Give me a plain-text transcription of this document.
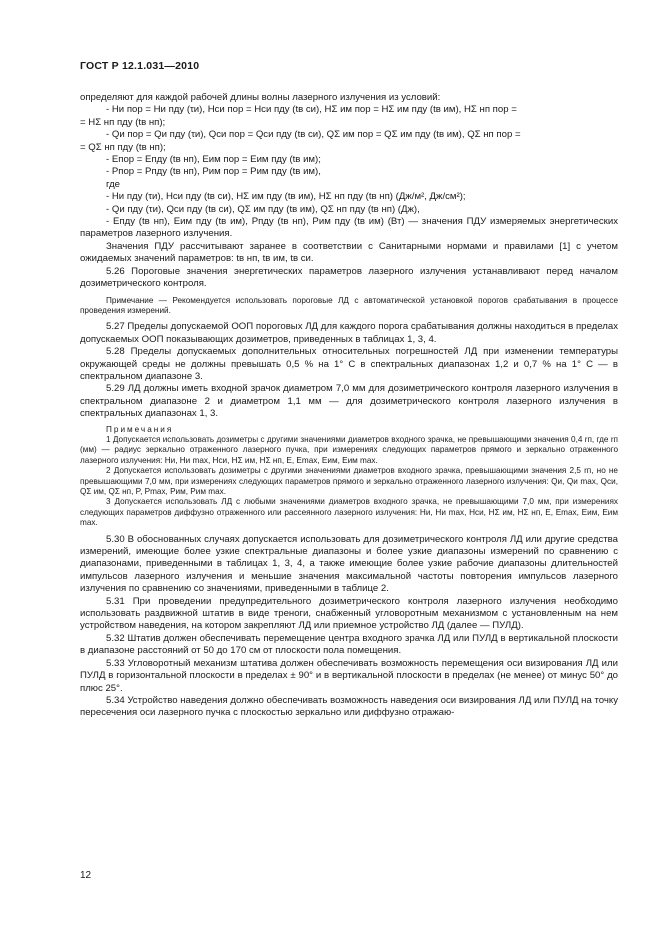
ГОСТ Р 12.1.031—2010

определяют для каждой рабочей длины волны лазерного излучения из условий:

- Hи пор = Hи пду (τи), Hси пор = Hси пду (tв си), HΣ им пор = HΣ им пду (tв им), HΣ нп пор =

= HΣ нп пду (tв нп);

- Qи пор = Qи пду (τи), Qси пор = Qси пду (tв си), QΣ им пор = QΣ им пду (tв им), QΣ нп пор =

= QΣ нп пду (tв нп);

- Eпор = Eпду (tв нп), Eим пор = Eим пду (tв им);

- Pпор = Pпду (tв нп), Pим пор = Pим пду (tв им),

где

- Hи пду (τи), Hси пду (tв си), HΣ им пду (tв им), HΣ нп пду (tв нп) (Дж/м², Дж/см²);

- Qи пду (τи), Qси пду (tв си), QΣ им пду (tв им), QΣ нп пду (tв нп) (Дж),

- Eпду (tв нп), Eим пду (tв им), Pпду (tв нп), Pим пду (tв им) (Вт) — значения ПДУ измеряемых энергетических параметров лазерного излучения.

Значения ПДУ рассчитывают заранее в соответствии с Санитарными нормами и правилами [1] с учетом ожидаемых значений параметров: tв нп, tв им, tв си.

5.26 Пороговые значения энергетических параметров лазерного излучения устанавливают перед началом дозиметрического контроля.

Примечание — Рекомендуется использовать пороговые ЛД с автоматической установкой порогов срабатывания в процессе проведения измерений.

5.27 Пределы допускаемой ООП пороговых ЛД для каждого порога срабатывания должны находиться в пределах допускаемых ООП показывающих дозиметров, приведенных в таблицах 1, 3, 4.

5.28 Пределы допускаемых дополнительных относительных погрешностей ЛД при изменении температуры окружающей среды не должны превышать 0,5 % на 1° С в спектральных диапазонах 1,2 и 0,7 % на 1° С — в спектральном диапазоне 3.

5.29 ЛД должны иметь входной зрачок диаметром 7,0 мм для дозиметрического контроля лазерного излучения в спектральном диапазоне 2 и диаметром 1,1 мм — для дозиметрического контроля лазерного излучения в спектральных диапазонах 1, 3.

Примечания

1 Допускается использовать дозиметры с другими значениями диаметров входного зрачка, не превышающими значения 0,4 rп, где rп (мм) — радиус зеркально отраженного лазерного пучка, при измерениях следующих параметров прямого и зеркально отраженного лазерного излучения: Hи, Hи max, Hси, HΣ им, HΣ нп, E, Emax, Eим, Eим max.

2 Допускается использовать дозиметры с другими значениями диаметров входного зрачка, превышающими значения 2,5 rп, но не превышающими 7,0 мм, при измерениях следующих параметров прямого и зеркально отраженного лазерного излучения: Qи, Qи max, Qси, QΣ им, QΣ нп, P, Pmax, Pим, Pим max.

3 Допускается использовать ЛД с любыми значениями диаметров входного зрачка, не превышающими 7,0 мм, при измерениях следующих параметров диффузно отраженного или рассеянного лазерного излучения: Hи, Hи max, Hси, HΣ им, HΣ нп, E, Emax, Eим, Eим max.

5.30 В обоснованных случаях допускается использовать для дозиметрического контроля ЛД или другие средства измерений, имеющие более узкие спектральные диапазоны и более узкие диапазоны измерений по сравнению с диапазонами, приведенными в таблицах 1, 3, 4, а также имеющие более узкие рабочие диапазоны длительностей импульсов лазерного излучения и меньшие значения максимальной частоты повторения импульсов лазерного излучения по сравнению со значениями, приведенными в таблице 2.

5.31 При проведении предупредительного дозиметрического контроля лазерного излучения необходимо использовать раздвижной штатив в виде треноги, снабженный угловоротным механизмом с установленным на нем устройством наведения, на котором закрепляют ЛД или приемное устройство ЛД (далее — ПУЛД).

5.32 Штатив должен обеспечивать перемещение центра входного зрачка ЛД или ПУЛД в вертикальной плоскости в диапазоне расстояний от 50 до 170 см от плоскости пола помещения.

5.33 Угловоротный механизм штатива должен обеспечивать возможность перемещения оси визирования ЛД или ПУЛД в горизонтальной плоскости в пределах ± 90° и в вертикальной плоскости в пределах (не менее) от минус 50° до плюс 25°.

5.34 Устройство наведения должно обеспечивать возможность наведения оси визирования ЛД или ПУЛД на точку пересечения оси лазерного пучка с плоскостью зеркально или диффузно отражаю-

12
